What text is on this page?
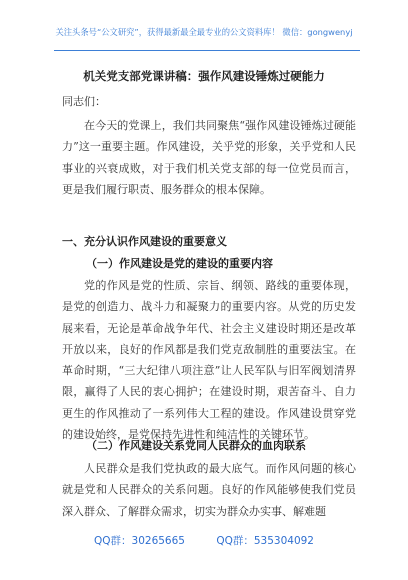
关注头条号“公文研究”，获得最新最全最专业的公文资料库！ 微信：gongwenyj
机关党支部党课讲稿：强作风建设锤炼过硬能力
同志们：

在今天的党课上，我们共同聚焦“强作风建设锤炼过硬能力”这一重要主题。作风建设，关乎党的形象，关乎党和人民事业的兴衰成败，对于我们机关党支部的每一位党员而言，更是我们履行职责、服务群众的根本保障。

一、充分认识作风建设的重要意义
（一）作风建设是党的建设的重要内容

党的作风是党的性质、宗旨、纲领、路线的重要体现，是党的创造力、战斗力和凝聚力的重要内容。从党的历史发展来看，无论是革命战争年代、社会主义建设时期还是改革开放以来，良好的作风都是我们党克敌制胜的重要法宝。在革命时期，“三大纪律八项注意”让人民军队与旧军阀划清界限，赢得了人民的衷心拥护；在建设时期，艰苦奋斗、自力更生的作风推动了一系列伟大工程的建设。作风建设贯穿党的建设始终，是党保持先进性和纯洁性的关键环节。

（二）作风建设关系党同人民群众的血肉联系

人民群众是我们党执政的最大底气。而作风问题的核心就是党和人民群众的关系问题。良好的作风能够使我们党员深入群众、了解群众需求，切实为群众办实事、解难题

QQ群：30265665	QQ群：535304092
